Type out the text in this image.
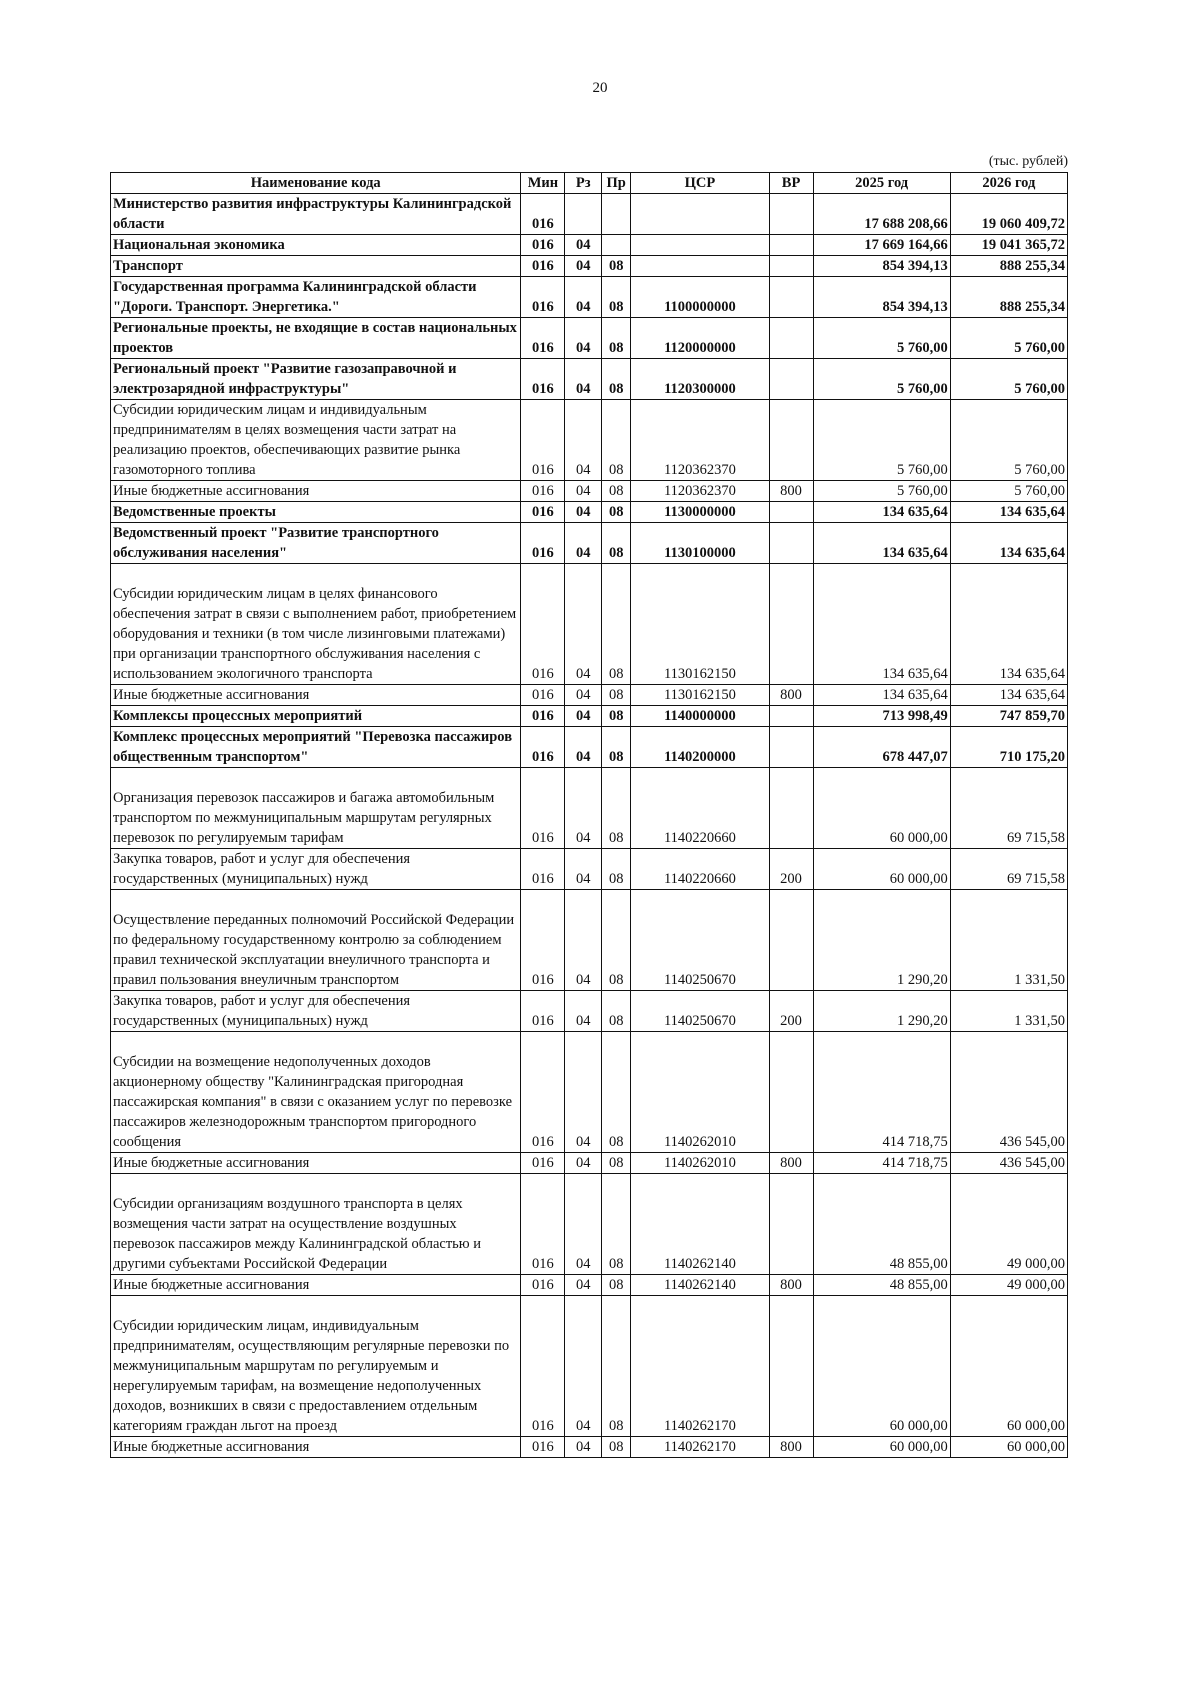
20
(тыс. рублей)
Наименование кода	Мин	Рз	Пр	ЦСР	ВР	2025 год	2026 год
Министерство развития инфраструктуры Калининградской области	016					17 688 208,66	19 060 409,72
Национальная экономика	016	04				17 669 164,66	19 041 365,72
Транспорт	016	04	08			854 394,13	888 255,34
Государственная программа Калининградской области "Дороги. Транспорт. Энергетика."	016	04	08	1100000000		854 394,13	888 255,34
Региональные проекты, не входящие в состав национальных проектов	016	04	08	1120000000		5 760,00	5 760,00
Региональный проект "Развитие газозаправочной и электрозарядной инфраструктуры"	016	04	08	1120300000		5 760,00	5 760,00
Субсидии юридическим лицам и индивидуальным предпринимателям в целях возмещения части затрат на реализацию проектов, обеспечивающих развитие рынка газомоторного топлива	016	04	08	1120362370		5 760,00	5 760,00
Иные бюджетные ассигнования	016	04	08	1120362370	800	5 760,00	5 760,00
Ведомственные проекты	016	04	08	1130000000		134 635,64	134 635,64
Ведомственный проект "Развитие транспортного обслуживания населения"	016	04	08	1130100000		134 635,64	134 635,64
Субсидии юридическим лицам в целях финансового обеспечения затрат в связи с выполнением работ, приобретением оборудования и техники (в том числе лизинговыми платежами) при организации транспортного обслуживания населения с использованием экологичного транспорта	016	04	08	1130162150		134 635,64	134 635,64
Иные бюджетные ассигнования	016	04	08	1130162150	800	134 635,64	134 635,64
Комплексы процессных мероприятий	016	04	08	1140000000		713 998,49	747 859,70
Комплекс процессных мероприятий "Перевозка пассажиров общественным транспортом"	016	04	08	1140200000		678 447,07	710 175,20
Организация перевозок пассажиров и багажа автомобильным транспортом по межмуниципальным маршрутам регулярных перевозок по регулируемым тарифам	016	04	08	1140220660		60 000,00	69 715,58
Закупка товаров, работ и услуг для обеспечения государственных (муниципальных) нужд	016	04	08	1140220660	200	60 000,00	69 715,58
Осуществление переданных полномочий Российской Федерации по федеральному государственному контролю за соблюдением правил технической эксплуатации внеуличного транспорта и правил пользования внеуличным транспортом	016	04	08	1140250670		1 290,20	1 331,50
Закупка товаров, работ и услуг для обеспечения государственных (муниципальных) нужд	016	04	08	1140250670	200	1 290,20	1 331,50
Субсидии на возмещение недополученных доходов акционерному обществу "Калининградская пригородная пассажирская компания" в связи с оказанием услуг по перевозке пассажиров железнодорожным транспортом пригородного сообщения	016	04	08	1140262010		414 718,75	436 545,00
Иные бюджетные ассигнования	016	04	08	1140262010	800	414 718,75	436 545,00
Субсидии организациям воздушного транспорта в целях возмещения части затрат на осуществление воздушных перевозок пассажиров между Калининградской областью и другими субъектами Российской Федерации	016	04	08	1140262140		48 855,00	49 000,00
Иные бюджетные ассигнования	016	04	08	1140262140	800	48 855,00	49 000,00
Субсидии юридическим лицам, индивидуальным предпринимателям, осуществляющим регулярные перевозки по межмуниципальным маршрутам по регулируемым и нерегулируемым тарифам, на возмещение недополученных доходов, возникших в связи с предоставлением отдельным категориям граждан льгот на проезд	016	04	08	1140262170		60 000,00	60 000,00
Иные бюджетные ассигнования	016	04	08	1140262170	800	60 000,00	60 000,00
